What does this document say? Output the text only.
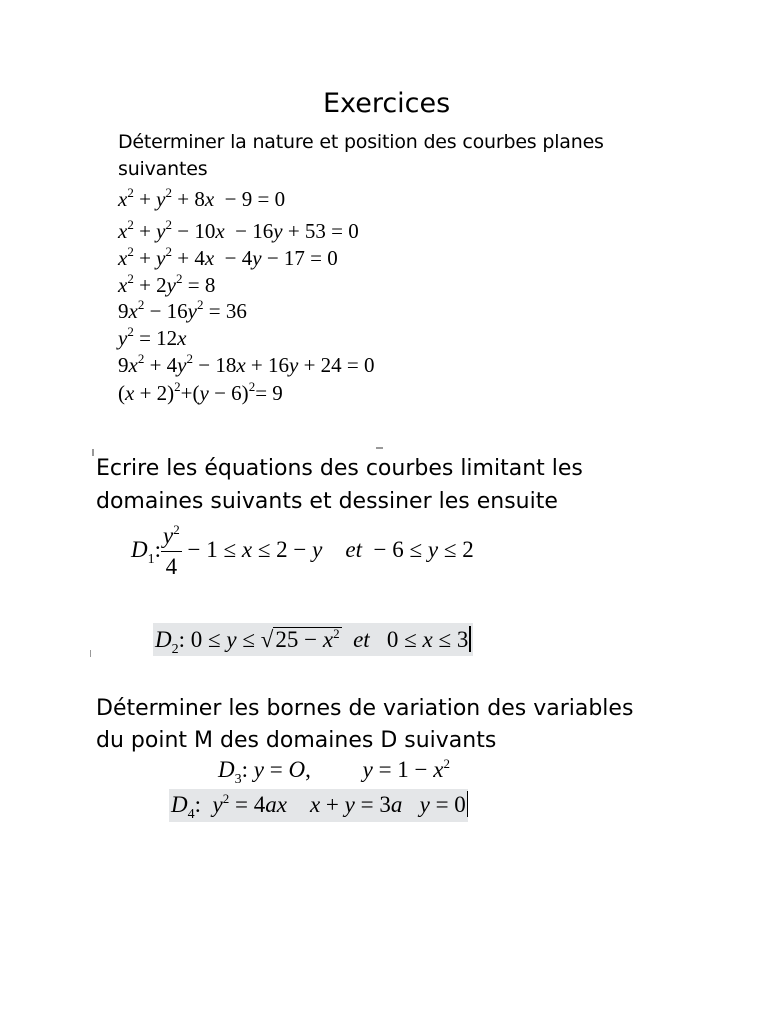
Exercices
Déterminer la nature et position des courbes planes
suivantes
$x^2 + y^2 + 8x - 9 = 0$
$x^2 + y^2 - 10x - 16y + 53 = 0$
$x^2 + y^2 + 4x - 4y - 17 = 0$
$x^2 + 2y^2 = 8$
$9x^2 - 16y^2 = 36$
$y^2 = 12x$
$9x^2 + 4y^2 - 18x + 16y + 24 = 0$
$(x + 2)^2+(y - 6)^2= 9$
Ecrire les équations des courbes limitant les
domaines suivants et dessiner les ensuite
$D_1$: $\frac{y^2}{4} - 1 \le x \le 2 - y$ et  − 6 ≤ y ≤ 2
$D_2$: $0 \le y \le √25 - x^2$ et   0 ≤ x ≤ 3
Déterminer les bornes de variation des variables
du point M des domaines D suivants
$D_3$: y = O,         $y = 1 - x^2$
$D_4$:  $y^2 = 4ax$ x + y = 3a y = 0
